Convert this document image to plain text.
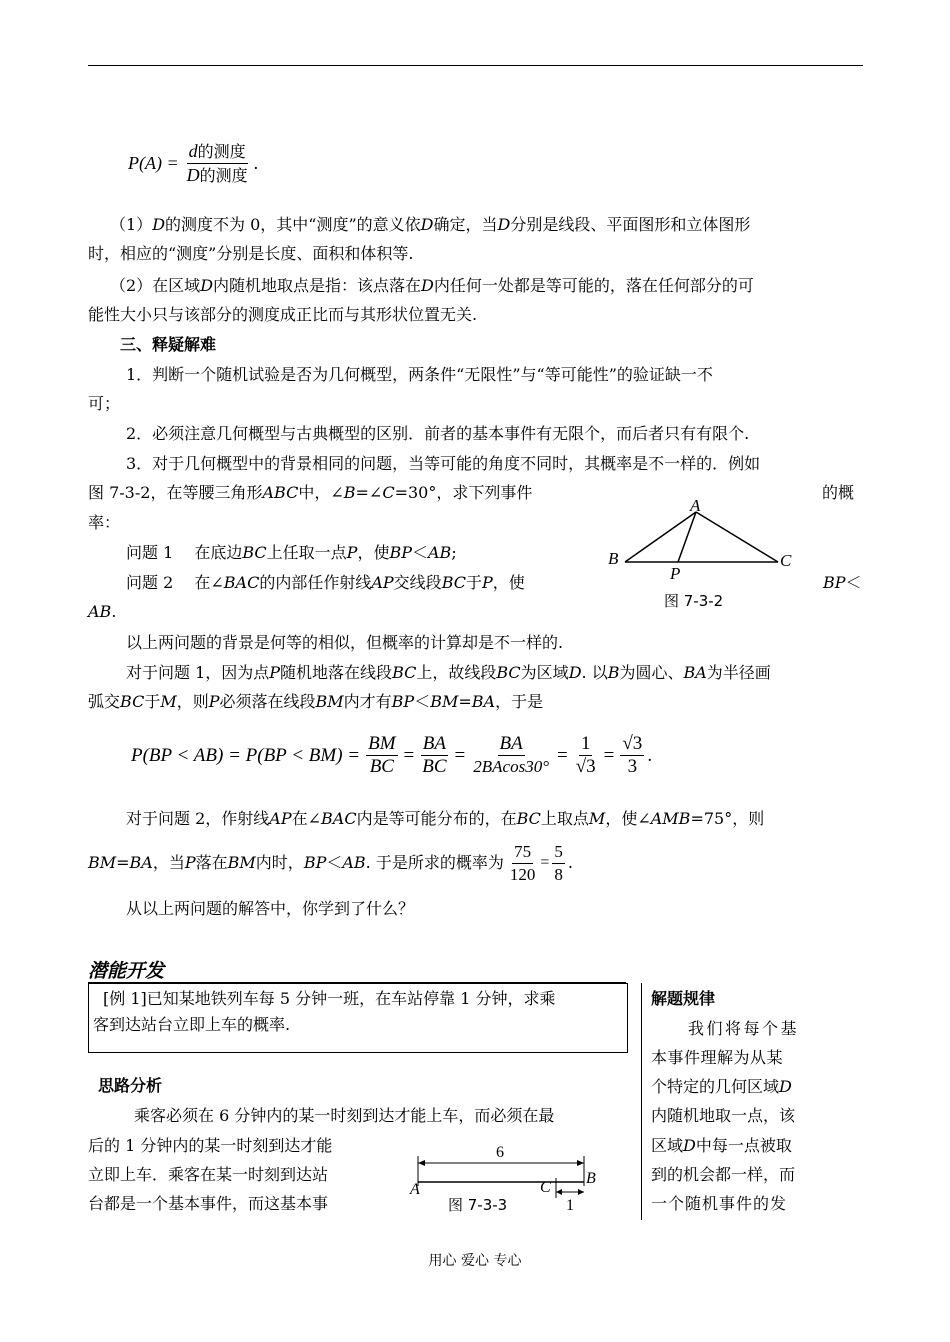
$P(A) = \frac{\text{d的测度}}{\text{D的测度}}$ .
（1）D的测度不为 0，其中“测度”的意义依D确定，当D分别是线段、平面图形和立体图形
时，相应的“测度”分别是长度、面积和体积等.
（2）在区域D内随机地取点是指：该点落在D内任何一处都是等可能的，落在任何部分的可
能性大小只与该部分的测度成正比而与其形状位置无关.
三、释疑解难
1．判断一个随机试验是否为几何概型，两条件“无限性”与“等可能性”的验证缺一不
可；
2．必须注意几何概型与古典概型的区别．前者的基本事件有无限个，而后者只有有限个.
3．对于几何概型中的背景相同的问题，当等可能的角度不同时，其概率是不一样的．例如
图 7-3-2，在等腰三角形ABC中，∠B=∠C=30°，求下列事件	的概
率：
问题 1　 在底边BC上任取一点P，使BP＜AB;
问题 2　 在∠BAC的内部任作射线AP交线段BC于P，使	BP＜
AB.
A
B	C
P
图 7-3-2
以上两问题的背景是何等的相似，但概率的计算却是不一样的.
对于问题 1，因为点P随机地落在线段BC上，故线段BC为区域D. 以B为圆心、BA为半径画
弧交BC于M，则P必须落在线段BM内才有BP＜BM=BA，于是
$P(BP < AB) = P(BP < BM) = \frac{BM}{BC} = \frac{BA}{BC} = \frac{BA}{2BAcos30^\circ} = \frac{1}{√3} = \frac{√3}{3}$ .
对于问题 2，作射线AP在∠BAC内是等可能分布的，在BC上取点M，使∠AMB=75°，则
BM=BA，当P落在BM内时，BP＜AB. 于是所求的概率为 $\frac{75}{120} = \frac{5}{8}$ .
从以上两问题的解答中，你学到了什么？
潜能开发
[例 1]已知某地铁列车每 5 分钟一班，在车站停靠 1 分钟，求乘
客到达站台立即上车的概率.
解题规律
我们将每个基
本事件理解为从某
个特定的几何区域D
内随机地取一点，该
区域D中每一点被取
到的机会都一样，而
一个随机事件的发
思路分析
乘客必须在 6 分钟内的某一时刻到达才能上车，而必须在最
后的 1 分钟内的某一时刻到达才能
立即上车．乘客在某一时刻到达站
台都是一个基本事件，而这基本事
6
A
B
C
1
图 7-3-3
用心 爱心 专心
